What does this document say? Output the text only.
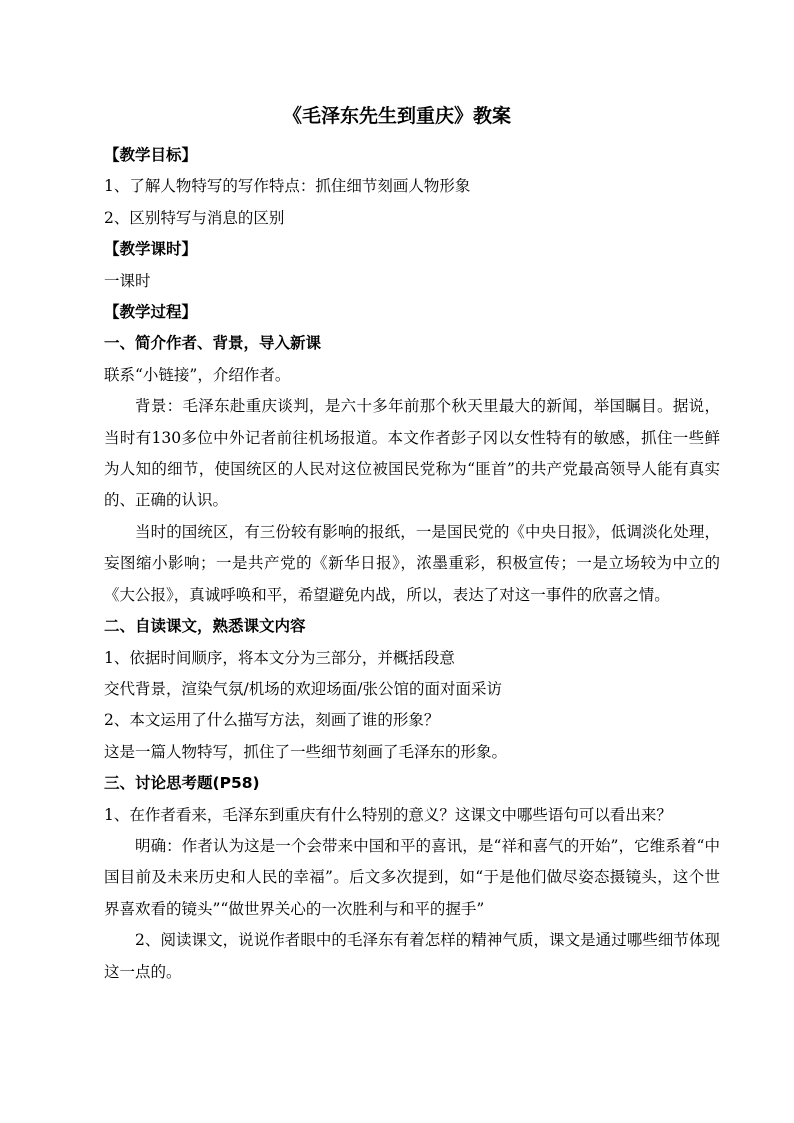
《毛泽东先生到重庆》教案

【教学目标】

1、了解人物特写的写作特点：抓住细节刻画人物形象

2、区别特写与消息的区别

【教学课时】

一课时

【教学过程】

一、简介作者、背景，导入新课

联系“小链接”，介绍作者。

背景：毛泽东赴重庆谈判，是六十多年前那个秋天里最大的新闻，举国瞩目。据说，当时有130多位中外记者前往机场报道。本文作者彭子冈以女性特有的敏感，抓住一些鲜为人知的细节，使国统区的人民对这位被国民党称为“匪首”的共产党最高领导人能有真实的、正确的认识。

当时的国统区，有三份较有影响的报纸，一是国民党的《中央日报》，低调淡化处理，妄图缩小影响；一是共产党的《新华日报》，浓墨重彩，积极宣传；一是立场较为中立的《大公报》，真诚呼唤和平，希望避免内战，所以，表达了对这一事件的欣喜之情。

二、自读课文，熟悉课文内容

1、依据时间顺序，将本文分为三部分，并概括段意

交代背景，渲染气氛/机场的欢迎场面/张公馆的面对面采访

2、本文运用了什么描写方法，刻画了谁的形象？

这是一篇人物特写，抓住了一些细节刻画了毛泽东的形象。

三、讨论思考题(P58)

1、在作者看来，毛泽东到重庆有什么特别的意义？这课文中哪些语句可以看出来？

明确：作者认为这是一个会带来中国和平的喜讯，是“祥和喜气的开始”，它维系着“中国目前及未来历史和人民的幸福”。后文多次提到，如“于是他们做尽姿态摄镜头，这个世界喜欢看的镜头”“做世界关心的一次胜利与和平的握手”

2、阅读课文，说说作者眼中的毛泽东有着怎样的精神气质，课文是通过哪些细节体现这一点的。
